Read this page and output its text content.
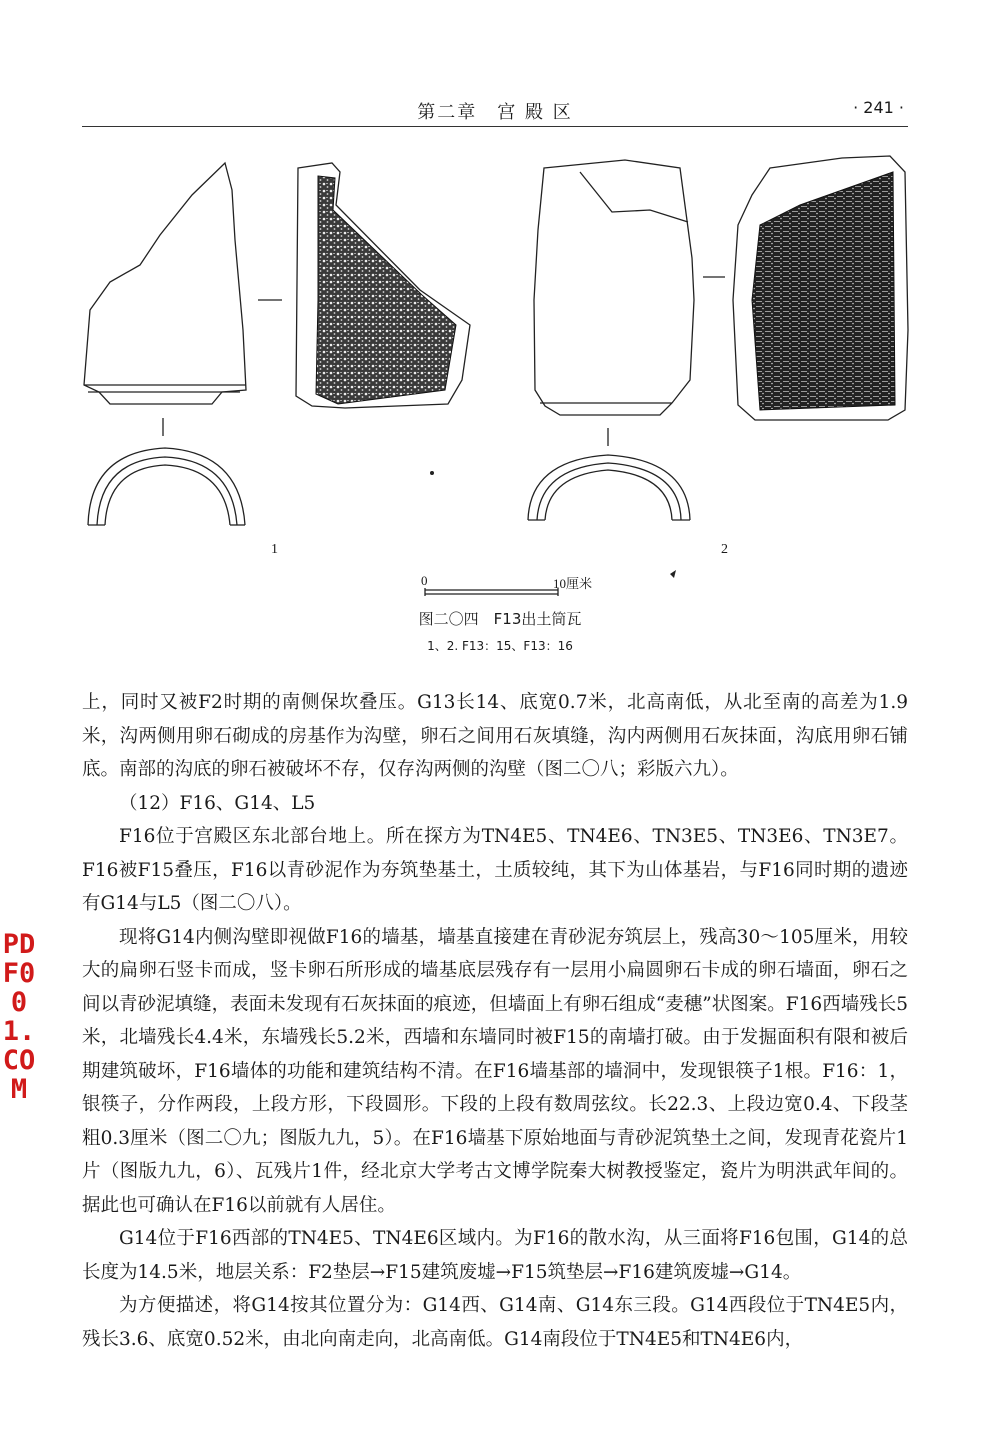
第二章　宫 殿 区	· 241 ·
1	2
0	10厘米
图二〇四　F13出土筒瓦
1、2. F13：15、F13：16

上，同时又被F2时期的南侧保坎叠压。G13长14、底宽0.7米，北高南低，从北至南的高差为1.9米，沟两侧用卵石砌成的房基作为沟壁，卵石之间用石灰填缝，沟内两侧用石灰抹面，沟底用卵石铺底。南部的沟底的卵石被破坏不存，仅存沟两侧的沟壁（图二〇八；彩版六九）。

（12）F16、G14、L5

F16位于宫殿区东北部台地上。所在探方为TN4E5、TN4E6、TN3E5、TN3E6、TN3E7。F16被F15叠压，F16以青砂泥作为夯筑垫基土，土质较纯，其下为山体基岩，与F16同时期的遗迹有G14与L5（图二〇八）。

现将G14内侧沟壁即视做F16的墙基，墙基直接建在青砂泥夯筑层上，残高30～105厘米，用较大的扁卵石竖卡而成，竖卡卵石所形成的墙基底层残存有一层用小扁圆卵石卡成的卵石墙面，卵石之间以青砂泥填缝，表面未发现有石灰抹面的痕迹，但墙面上有卵石组成“麦穗”状图案。F16西墙残长5米，北墙残长4.4米，东墙残长5.2米，西墙和东墙同时被F15的南墙打破。由于发掘面积有限和被后期建筑破坏，F16墙体的功能和建筑结构不清。在F16墙基部的墙洞中，发现银筷子1根。F16：1，银筷子，分作两段，上段方形，下段圆形。下段的上段有数周弦纹。长22.3、上段边宽0.4、下段茎粗0.3厘米（图二〇九；图版九九，5）。在F16墙基下原始地面与青砂泥筑垫土之间，发现青花瓷片1片（图版九九，6）、瓦残片1件，经北京大学考古文博学院秦大树教授鉴定，瓷片为明洪武年间的。据此也可确认在F16以前就有人居住。

G14位于F16西部的TN4E5、TN4E6区域内。为F16的散水沟，从三面将F16包围，G14的总长度为14.5米，地层关系：F2垫层→F15建筑废墟→F15筑垫层→F16建筑废墟→G14。

为方便描述，将G14按其位置分为：G14西、G14南、G14东三段。G14西段位于TN4E5内，残长3.6、底宽0.52米，由北向南走向，北高南低。G14南段位于TN4E5和TN4E6内，

PDF001.COM
